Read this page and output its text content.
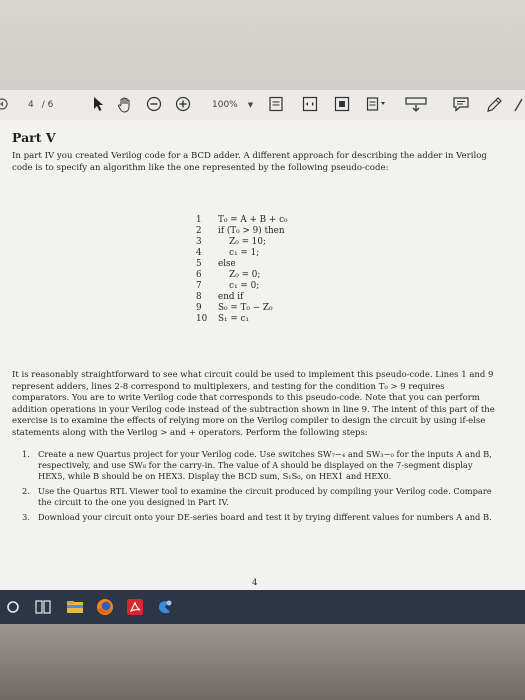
4 / 6	100% ▼
Part V
In part IV you created Verilog code for a BCD adder. A different approach for describing the adder in Verilog code is to specify an algorithm like the one represented by the following pseudo-code:
1 T₀ = A + B + c₀
2 if (T₀ > 9) then
3    Z₀ = 10;
4    c₁ = 1;
5 else
6    Z₀ = 0;
7    c₁ = 0;
8 end if
9 S₀ = T₀ − Z₀
10 S₁ = c₁
It is reasonably straightforward to see what circuit could be used to implement this pseudo-code. Lines 1 and 9 represent adders, lines 2-8 correspond to multiplexers, and testing for the condition T₀ > 9 requires comparators. You are to write Verilog code that corresponds to this pseudo-code. Note that you can perform addition operations in your Verilog code instead of the subtraction shown in line 9. The intent of this part of the exercise is to examine the effects of relying more on the Verilog compiler to design the circuit by using if-else statements along with the Verilog > and + operators. Perform the following steps:
1. Create a new Quartus project for your Verilog code. Use switches SW₇−₄ and SW₃−₀ for the inputs A and B, respectively, and use SW₈ for the carry-in. The value of A should be displayed on the 7-segment display HEX5, while B should be on HEX3. Display the BCD sum, S₁S₀, on HEX1 and HEX0.
2. Use the Quartus RTL Viewer tool to examine the circuit produced by compiling your Verilog code. Compare the circuit to the one you designed in Part IV.
3. Download your circuit onto your DE-series board and test it by trying different values for numbers A and B.
4
